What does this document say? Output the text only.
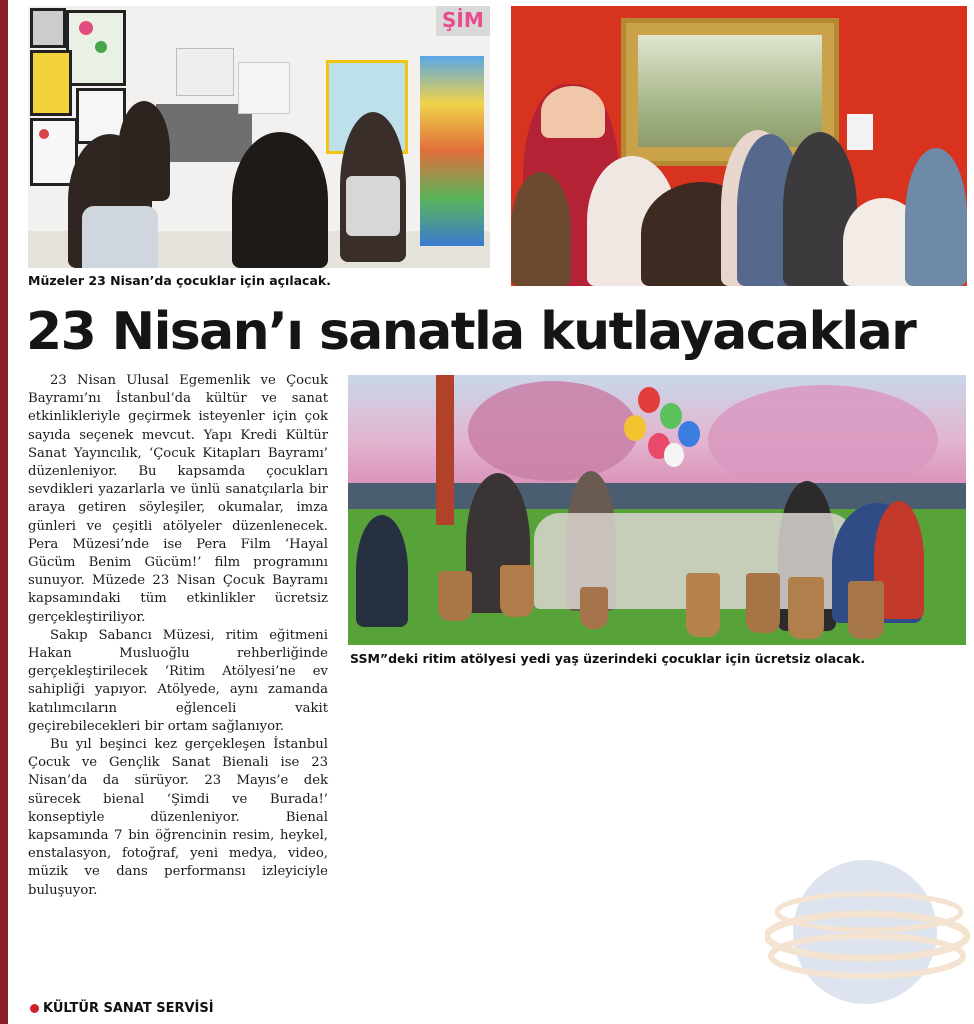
ŞİM
Müzeler 23 Nisan’da çocuklar için açılacak.
23 Nisan’ı sanatla kutlayacaklar

23 Nisan Ulusal Egemenlik ve Çocuk Bayramı’nı İstanbul’da kültür ve sanat etkinlikleriyle geçirmek isteyenler için çok sayıda seçenek mevcut. Yapı Kredi Kültür Sanat Yayıncılık, ‘Çocuk Kitapları Bayramı’ düzenleniyor. Bu kapsamda çocukları sevdikleri yazarlarla ve ünlü sanatçılarla bir araya getiren söyleşiler, okumalar, imza günleri ve çeşitli atölyeler düzenlenecek. Pera Müzesi’nde ise Pera Film ‘Hayal Gücüm Benim Gücüm!’ film programını sunuyor. Müzede 23 Nisan Çocuk Bayramı kapsamındaki tüm etkinlikler ücretsiz gerçekleştiriliyor.

Sakıp Sabancı Müzesi, ritim eğitmeni Hakan Musluoğlu rehberliğinde gerçekleştirilecek ‘Ritim Atölyesi’ne ev sahipliği yapıyor. Atölyede, aynı zamanda katılımcıların eğlenceli vakit geçirebilecekleri bir ortam sağlanıyor.

Bu yıl beşinci kez gerçekleşen İstanbul Çocuk ve Gençlik Sanat Bienali ise 23 Nisan’da da sürüyor. 23 Mayıs’e dek sürecek bienal ‘Şimdi ve Burada!’ konseptiyle düzenleniyor. Bienal kapsamında 7 bin öğrencinin resim, heykel, enstalasyon, fotoğraf, yeni medya, video, müzik ve dans performansı izleyiciyle buluşuyor.

SSM”deki ritim atölyesi yedi yaş üzerindeki çocuklar için ücretsiz olacak.
KÜLTÜR SANAT SERVİSİ
